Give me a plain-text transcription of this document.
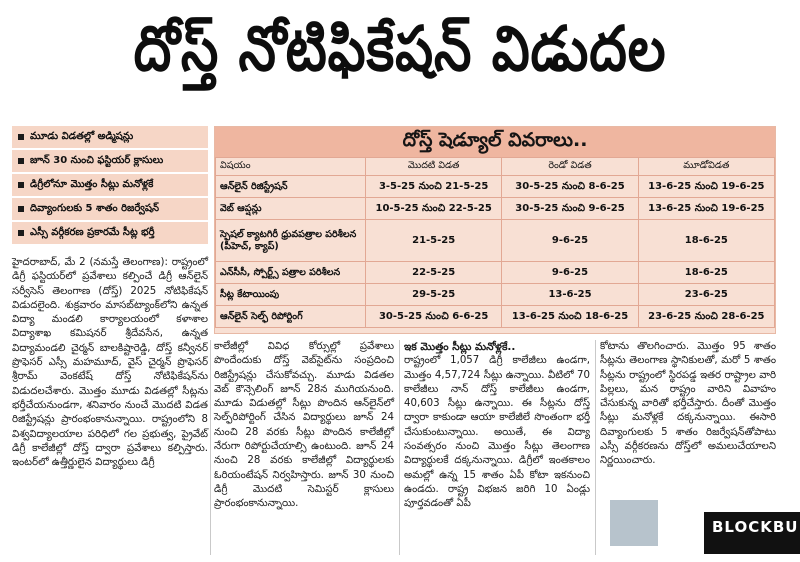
దోస్త్ నోటిఫికేషన్ విడుదల
మూడు విడతల్లో అడ్మిషన్లు
జూన్ 30 నుంచి ఫస్టియర్ క్లాసులు
డిగ్రీలోనూ మొత్తం సీట్లు మనోళ్లకే
దివ్యాంగులకు 5 శాతం రిజర్వేషన్
ఎస్సీ వర్గీకరణ ప్రకారమే సీట్ల భర్తీ
దోస్త్ షెడ్యూల్ వివరాలు..
విషయం	మొదటి విడత	రెండో విడత	మూడోవిడత
ఆన్‌లైన్ రిజిస్ట్రేషన్	3-5-25 నుంచి 21-5-25	30-5-25 నుంచి 8-6-25	13-6-25 నుంచి 19-6-25
వెబ్ ఆప్షన్లు	10-5-25 నుంచి 22-5-25	30-5-25 నుంచి 9-6-25	13-6-25 నుంచి 19-6-25
స్పెషల్ క్యాటగిరీ ధ్రువపత్రాల పరిశీలన (పీహెచ్, క్యాప్)	21-5-25	9-6-25	18-6-25
ఎన్‌సీసీ, స్పోర్ట్స్ పత్రాల పరిశీలన	22-5-25	9-6-25	18-6-25
సీట్ల కేటాయింపు	29-5-25	13-6-25	23-6-25
ఆన్‌లైన్ సెల్ఫ్ రిపోర్టింగ్	30-5-25 నుంచి 6-6-25	13-6-25 నుంచి 18-6-25	23-6-25 నుంచి 28-6-25

హైదరాబాద్, మే 2 (నమస్తే తెలంగాణ): రాష్ట్రంలో డిగ్రీ ఫస్టియర్‌లో ప్రవేశాలు కల్పించే డిగ్రీ ఆన్‌లైన్ సర్వీసెస్ తెలంగాణ (దోస్త్) 2025 నోటిఫికేషన్ విడుదలైంది. శుక్రవారం మాసబ్‌ట్యాంక్‌లోని ఉన్నత విద్యా మండలి కార్యాలయంలో కళాశాల విద్యాశాఖ కమిషనర్ శ్రీదేవసేన, ఉన్నత విద్యామండలి చైర్మన్ బాలకిష్టారెడ్డి, దోస్త్ కన్వీనర్ ప్రొఫెసర్ ఎస్సీ మహమూద్, వైస్ చైర్మన్ ప్రొఫెసర్ శ్రీరామ్ వెంకటేష్ దోస్త్ నోటిఫికేషన్‌ను విడుదలచేశారు. మొత్తం మూడు విడతల్లో సీట్లను భర్తీచేయనుండగా, శనివారం నుంచే మొదటి విడత రిజిస్ట్రేషన్లు ప్రారంభంకానున్నాయి. రాష్ట్రంలోని 8 విశ్వవిద్యాలయాల పరిధిలో గల ప్రభుత్వ, ప్రైవేట్ డిగ్రీ కాలేజీల్లో దోస్త్ ద్వారా ప్రవేశాలు కల్పిస్తారు. ఇంటర్‌లో ఉత్తీర్ణులైన విద్యార్థులు డిగ్రీ

కాలేజీల్లో వివిధ కోర్సుల్లో ప్రవేశాలు పొందేందుకు దోస్త్ వెబ్‌సైట్‌ను సంప్రదించి రిజిస్ట్రేషన్లు చేసుకోవచ్చు. మూడు విడతల వెబ్ కౌన్సెలింగ్ జూన్ 28న ముగియనుంది. మూడు విడుతల్లో సీట్లు పొందిన ఆన్‌లైన్‌లో సెల్ఫ్‌రిపోర్టింగ్ చేసిన విద్యార్థులు జూన్ 24 నుంచి 28 వరకు సీట్లు పొందిన కాలేజీల్లో నేరుగా రిపోర్టుచేయాల్సి ఉంటుంది. జూన్ 24 నుంచి 28 వరకు కాలేజీల్లో విద్యార్థులకు ఓరియంటేషన్ నిర్వహిస్తారు. జూన్ 30 నుంచి డిగ్రీ మొదటి సెమిస్టర్ క్లాసులు ప్రారంభంకానున్నాయి.

ఇక మొత్తం సీట్లు మనోళ్లకే..

రాష్ట్రంలో 1,057 డిగ్రీ కాలేజీలు ఉండగా, మొత్తం 4,57,724 సీట్లు ఉన్నాయి. వీటిలో 70 కాలేజీలు నాన్ దోస్త్ కాలేజీలు ఉండగా, 40,603 సీట్లు ఉన్నాయి. ఈ సీట్లను దోస్త్ ద్వారా కాకుండా ఆయా కాలేజీలే సొంతంగా భర్తీ చేసుకుంటున్నాయి. అయితే, ఈ విద్యా సంవత్సరం నుంచి మొత్తం సీట్లు తెలంగాణ విద్యార్థులకే దక్కనున్నాయి. డిగ్రీలో ఇంతకాలం అమల్లో ఉన్న 15 శాతం ఏపీ కోటా ఇకనుంచి ఉండదు. రాష్ట్ర విభజన జరిగి 10 ఏండ్లు పూర్తవడంతో ఏపీ

కోటాను తొలగించారు. మొత్తం 95 శాతం సీట్లను తెలంగాణ స్థానికులతో, మరో 5 శాతం సీట్లను రాష్ట్రంలో స్థిరపడ్డ ఇతర రాష్ట్రాల వారి పిల్లలు, మన రాష్ట్రం వారిని వివాహం చేసుకున్న వారితో భర్తీచేస్తారు. దీంతో మొత్తం సీట్లు మనోళ్లకే దక్కనున్నాయి. ఈసారి దివ్యాంగులకు 5 శాతం రిజర్వేషన్‌తోపాటు ఎస్సీ వర్గీకరణను దోస్త్‌లో అమలుచేయాలని నిర్ణయించారు.

BLOCKBU
